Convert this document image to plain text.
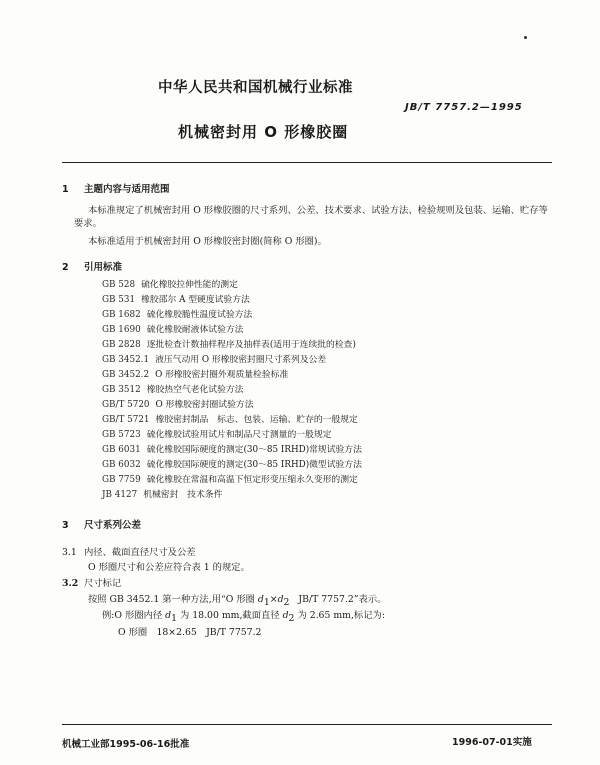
中华人民共和国机械行业标准
JB/T 7757.2—1995
机械密封用 O 形橡胶圈
1 主题内容与适用范围
本标准规定了机械密封用 O 形橡胶圈的尺寸系列、公差、技术要求、试验方法、检验规则及包装、运输、贮存等要求。
本标准适用于机械密封用 O 形橡胶密封圈(简称 O 形圈)。
2 引用标准
GB 528 硫化橡胶拉伸性能的测定
GB 531 橡胶邵尔 A 型硬度试验方法
GB 1682 硫化橡胶脆性温度试验方法
GB 1690 硫化橡胶耐液体试验方法
GB 2828 逐批检查计数抽样程序及抽样表(适用于连续批的检查)
GB 3452.1 液压气动用 O 形橡胶密封圈尺寸系列及公差
GB 3452.2 O 形橡胶密封圈外观质量检验标准
GB 3512 橡胶热空气老化试验方法
GB/T 5720 O 形橡胶密封圈试验方法
GB/T 5721 橡胶密封制品　标志、包装、运输、贮存的一般规定
GB 5723 硫化橡胶试验用试片和制品尺寸测量的一般规定
GB 6031 硫化橡胶国际硬度的测定(30～85 IRHD)常规试验方法
GB 6032 硫化橡胶国际硬度的测定(30～85 IRHD)微型试验方法
GB 7759 硫化橡胶在常温和高温下恒定形变压缩永久变形的测定
JB 4127 机械密封　技术条件
3 尺寸系列公差
3.1 内径、截面直径尺寸及公差
O 形圈尺寸和公差应符合表 1 的规定。
3.2 尺寸标记
按照 GB 3452.1 第一种方法,用“O 形圈 $d_1\times d_2$ JB/T 7757.2”表示。
例:O 形圈内径 $d_1$ 为 18.00 mm,截面直径 $d_2$ 为 2.65 mm,标记为:
O 形圈　18×2.65　JB/T 7757.2
机械工业部1995-06-16批准	1996-07-01实施
